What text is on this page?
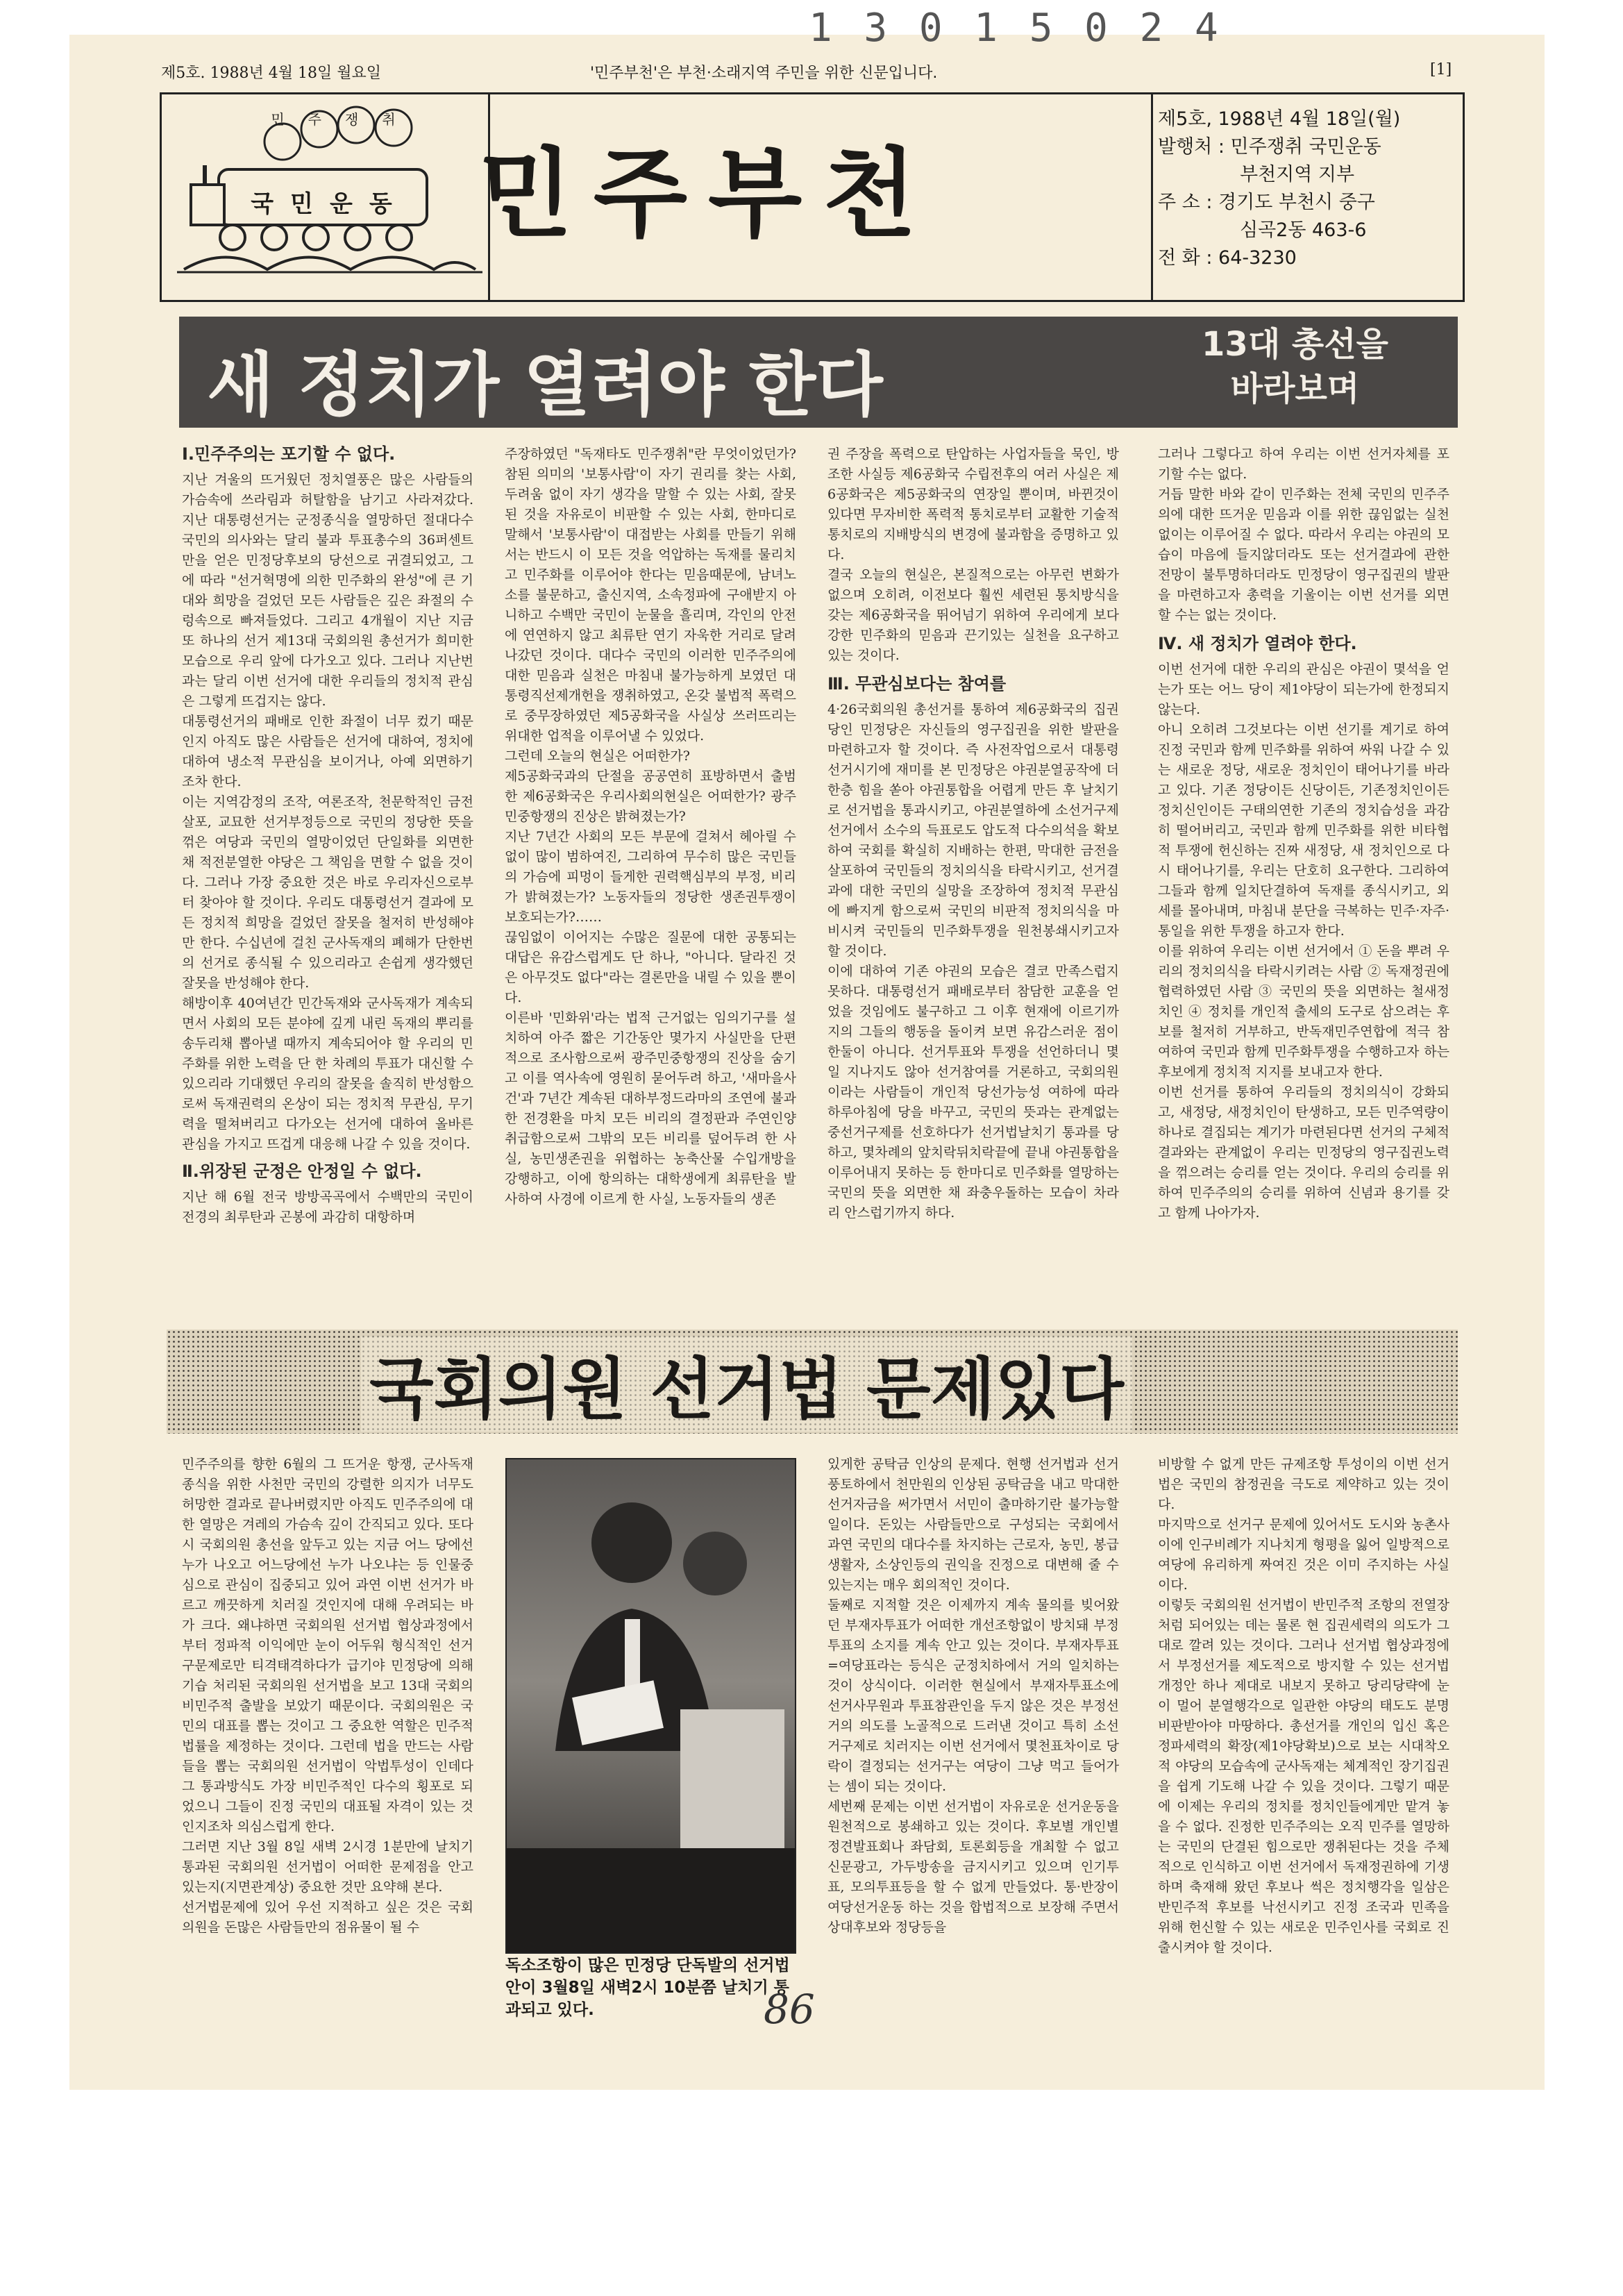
1 3 0 1 5 0 2 4
제5호. 1988년 4월 18일 월요일	'민주부천'은 부천·소래지역 주민을 위한 신문입니다.	[1]
국민운동
민주쟁취
민주부천
제5호, 1988년 4월 18일(월)
발행처 : 민주쟁취 국민운동
부천지역 지부
주 소 : 경기도 부천시 중구
심곡2동 463-6
전 화 : 64-3230
새 정치가 열려야 한다	13대 총선을
바라보며
Ⅰ.민주주의는 포기할 수 없다.

지난 겨울의 뜨거웠던 정치열풍은 많은 사람들의 가슴속에 쓰라림과 허탈함을 남기고 사라져갔다. 지난 대통령선거는 군정종식을 열망하던 절대다수 국민의 의사와는 달리 불과 투표총수의 36퍼센트만을 얻은 민정당후보의 당선으로 귀결되었고, 그에 따라 "선거혁명에 의한 민주화의 완성"에 큰 기대와 희망을 걸었던 모든 사람들은 깊은 좌절의 수렁속으로 빠져들었다. 그리고 4개월이 지난 지금 또 하나의 선거 제13대 국회의원 총선거가 희미한 모습으로 우리 앞에 다가오고 있다. 그러나 지난번과는 달리 이번 선거에 대한 우리들의 정치적 관심은 그렇게 뜨겁지는 않다.

대통령선거의 패배로 인한 좌절이 너무 컸기 때문인지 아직도 많은 사람들은 선거에 대하여, 정치에 대하여 냉소적 무관심을 보이거나, 아예 외면하기조차 한다.

이는 지역감정의 조작, 여론조작, 천문학적인 금전살포, 교묘한 선거부정등으로 국민의 정당한 뜻을 꺾은 여당과 국민의 열망이었던 단일화를 외면한 채 적전분열한 야당은 그 책임을 면할 수 없을 것이다. 그러나 가장 중요한 것은 바로 우리자신으로부터 찾아야 할 것이다. 우리도 대통령선거 결과에 모든 정치적 희망을 걸었던 잘못을 철저히 반성해야만 한다. 수십년에 걸친 군사독재의 폐해가 단한번의 선거로 종식될 수 있으리라고 손쉽게 생각했던 잘못을 반성해야 한다.

해방이후 40여년간 민간독재와 군사독재가 계속되면서 사회의 모든 분야에 깊게 내린 독재의 뿌리를 송두리채 뽑아낼 때까지 계속되어야 할 우리의 민주화를 위한 노력을 단 한 차례의 투표가 대신할 수 있으리라 기대했던 우리의 잘못을 솔직히 반성함으로써 독재권력의 온상이 되는 정치적 무관심, 무기력을 떨쳐버리고 다가오는 선거에 대하여 올바른 관심을 가지고 뜨겁게 대응해 나갈 수 있을 것이다.

Ⅱ.위장된 군정은 안정일 수 없다.

지난 해 6월 전국 방방곡곡에서 수백만의 국민이 전경의 최루탄과 곤봉에 과감히 대항하며

주장하였던 "독재타도 민주쟁취"란 무엇이었던가? 참된 의미의 '보통사람'이 자기 권리를 찾는 사회, 두려움 없이 자기 생각을 말할 수 있는 사회, 잘못된 것을 자유로이 비판할 수 있는 사회, 한마디로 말해서 '보통사람'이 대접받는 사회를 만들기 위해서는 반드시 이 모든 것을 억압하는 독재를 물리치고 민주화를 이루어야 한다는 믿음때문에, 남녀노소를 불문하고, 출신지역, 소속정파에 구애받지 아니하고 수백만 국민이 눈물을 흘리며, 각인의 안전에 연연하지 않고 최류탄 연기 자욱한 거리로 달려 나갔던 것이다. 대다수 국민의 이러한 민주주의에 대한 믿음과 실천은 마침내 불가능하게 보였던 대통령직선제개헌을 쟁취하였고, 온갖 불법적 폭력으로 중무장하였던 제5공화국을 사실상 쓰러뜨리는 위대한 업적을 이루어낼 수 있었다.

그런데 오늘의 현실은 어떠한가?

제5공화국과의 단절을 공공연히 표방하면서 출범한 제6공화국은 우리사회의현실은 어떠한가? 광주민중항쟁의 진상은 밝혀졌는가?

지난 7년간 사회의 모든 부문에 걸쳐서 헤아릴 수 없이 많이 범하여진, 그리하여 무수히 많은 국민들의 가슴에 피멍이 들게한 권력핵심부의 부정, 비리가 밝혀졌는가? 노동자들의 정당한 생존권투쟁이 보호되는가?……

끊임없이 이어지는 수많은 질문에 대한 공통되는 대답은 유감스럽게도 단 하나, "아니다. 달라진 것은 아무것도 없다"라는 결론만을 내릴 수 있을 뿐이다.

이른바 '민화위'라는 법적 근거없는 임의기구를 설치하여 아주 짧은 기간동안 몇가지 사실만을 단편적으로 조사함으로써 광주민중항쟁의 진상을 숨기고 이를 역사속에 영원히 묻어두려 하고, '새마을사건'과 7년간 계속된 대하부정드라마의 조연에 불과한 전경환을 마치 모든 비리의 결정판과 주연인양 취급함으로써 그밖의 모든 비리를 덮어두려 한 사실, 농민생존권을 위협하는 농축산물 수입개방을 강행하고, 이에 항의하는 대학생에게 최류탄을 발사하여 사경에 이르게 한 사실, 노동자들의 생존

권 주장을 폭력으로 탄압하는 사업자들을 묵인, 방조한 사실등 제6공화국 수립전후의 여러 사실은 제6공화국은 제5공화국의 연장일 뿐이며, 바뀐것이 있다면 무자비한 폭력적 통치로부터 교활한 기술적 통치로의 지배방식의 변경에 불과함을 증명하고 있다.

결국 오늘의 현실은, 본질적으로는 아무런 변화가 없으며 오히려, 이전보다 훨씬 세련된 통치방식을 갖는 제6공화국을 뛰어넘기 위하여 우리에게 보다 강한 민주화의 믿음과 끈기있는 실천을 요구하고 있는 것이다.

Ⅲ. 무관심보다는 참여를

4·26국회의원 총선거를 통하여 제6공화국의 집권당인 민정당은 자신들의 영구집권을 위한 발판을 마련하고자 할 것이다. 즉 사전작업으로서 대통령선거시기에 재미를 본 민정당은 야권분열공작에 더한층 힘을 쏟아 야권통합을 어렵게 만든 후 날치기로 선거법을 통과시키고, 야권분열하에 소선거구제 선거에서 소수의 득표로도 압도적 다수의석을 확보하여 국회를 확실히 지배하는 한편, 막대한 금전을 살포하여 국민들의 정치의식을 타락시키고, 선거결과에 대한 국민의 실망을 조장하여 정치적 무관심에 빠지게 함으로써 국민의 비판적 정치의식을 마비시켜 국민들의 민주화투쟁을 원천봉쇄시키고자 할 것이다.

이에 대하여 기존 야권의 모습은 결코 만족스럽지 못하다. 대통령선거 패배로부터 참담한 교훈을 얻었을 것임에도 불구하고 그 이후 현재에 이르기까지의 그들의 행동을 돌이켜 보면 유감스러운 점이 한둘이 아니다. 선거투표와 투쟁을 선언하더니 몇일 지나지도 않아 선거참여를 거론하고, 국회의원이라는 사람들이 개인적 당선가능성 여하에 따라 하루아침에 당을 바꾸고, 국민의 뜻과는 관계없는 중선거구제를 선호하다가 선거법날치기 통과를 당하고, 몇차례의 앞치락뒤치락끝에 끝내 야권통합을 이루어내지 못하는 등 한마디로 민주화를 열망하는 국민의 뜻을 외면한 채 좌충우돌하는 모습이 차라리 안스럽기까지 하다.

그러나 그렇다고 하여 우리는 이번 선거자체를 포기할 수는 없다.

거듭 말한 바와 같이 민주화는 전체 국민의 민주주의에 대한 뜨거운 믿음과 이를 위한 끊임없는 실천없이는 이루어질 수 없다. 따라서 우리는 야권의 모습이 마음에 들지않더라도 또는 선거결과에 관한 전망이 불투명하더라도 민정당이 영구집권의 발판을 마련하고자 총력을 기울이는 이번 선거를 외면할 수는 없는 것이다.

Ⅳ. 새 정치가 열려야 한다.

이번 선거에 대한 우리의 관심은 야권이 몇석을 얻는가 또는 어느 당이 제1야당이 되는가에 한정되지 않는다.

아니 오히려 그것보다는 이번 선기를 계기로 하여 진정 국민과 함께 민주화를 위하여 싸워 나갈 수 있는 새로운 정당, 새로운 정치인이 태어나기를 바라고 있다. 기존 정당이든 신당이든, 기존정치인이든 정치신인이든 구태의연한 기존의 정치습성을 과감히 떨어버리고, 국민과 함께 민주화를 위한 비타협적 투쟁에 헌신하는 진짜 새정당, 새 정치인으로 다시 태어나기를, 우리는 단호히 요구한다. 그리하여 그들과 함께 일치단결하여 독재를 종식시키고, 외세를 몰아내며, 마침내 분단을 극복하는 민주·자주·통일을 위한 투쟁을 하고자 한다.

이를 위하여 우리는 이번 선거에서 ① 돈을 뿌려 우리의 정치의식을 타락시키려는 사람 ② 독재정권에 협력하였던 사람 ③ 국민의 뜻을 외면하는 철새정치인 ④ 정치를 개인적 출세의 도구로 삼으려는 후보를 철저히 거부하고, 반독재민주연합에 적극 참여하여 국민과 함께 민주화투쟁을 수행하고자 하는 후보에게 정치적 지지를 보내고자 한다.

이번 선거를 통하여 우리들의 정치의식이 강화되고, 새정당, 새정치인이 탄생하고, 모든 민주역량이 하나로 결집되는 계기가 마련된다면 선거의 구체적 결과와는 관계없이 우리는 민정당의 영구집권노력을 꺾으려는 승리를 얻는 것이다. 우리의 승리를 위하여 민주주의의 승리를 위하여 신념과 용기를 갖고 함께 나아가자.

국회의원 선거법 문제있다

민주주의를 향한 6월의 그 뜨거운 항쟁, 군사독재 종식을 위한 사천만 국민의 강렬한 의지가 너무도 허망한 결과로 끝나버렸지만 아직도 민주주의에 대한 열망은 겨레의 가슴속 깊이 간직되고 있다. 또다시 국회의원 총선을 앞두고 있는 지금 어느 당에선 누가 나오고 어느당에선 누가 나오냐는 등 인물중심으로 관심이 집중되고 있어 과연 이번 선거가 바르고 깨끗하게 치러질 것인지에 대해 우려되는 바가 크다. 왜냐하면 국회의원 선거법 협상과정에서 부터 정파적 이익에만 눈이 어두워 형식적인 선거구문제로만 티격태격하다가 급기야 민정당에 의해 기습 처리된 국회의원 선거법을 보고 13대 국회의 비민주적 출발을 보았기 때문이다. 국회의원은 국민의 대표를 뽑는 것이고 그 중요한 역할은 민주적 법률을 제정하는 것이다. 그런데 법을 만드는 사람들을 뽑는 국회의원 선거법이 악법투성이 인데다 그 통과방식도 가장 비민주적인 다수의 횡포로 되었으니 그들이 진정 국민의 대표될 자격이 있는 것인지조차 의심스럽게 한다.

그러면 지난 3월 8일 새벽 2시경 1분만에 날치기 통과된 국회의원 선거법이 어떠한 문제점을 안고 있는지(지면관계상) 중요한 것만 요약해 본다.

선거법문제에 있어 우선 지적하고 싶은 것은 국회의원을 돈많은 사람들만의 점유물이 될 수

독소조항이 많은 민정당 단독발의 선거법안이 3월8일 새벽2시 10분쯤 날치기 통과되고 있다.

있게한 공탁금 인상의 문제다. 현행 선거법과 선거풍토하에서 천만원의 인상된 공탁금을 내고 막대한 선거자금을 써가면서 서민이 출마하기란 불가능할 일이다. 돈있는 사람들만으로 구성되는 국회에서 과연 국민의 대다수를 차지하는 근로자, 농민, 봉급생활자, 소상인등의 권익을 진정으로 대변해 줄 수 있는지는 매우 회의적인 것이다.

둘째로 지적할 것은 이제까지 계속 물의를 빚어왔던 부재자투표가 어떠한 개선조항없이 방치돼 부정투표의 소지를 계속 안고 있는 것이다. 부재자투표=여당표라는 등식은 군정치하에서 거의 일치하는 것이 상식이다. 이러한 현실에서 부재자투표소에 선거사무원과 투표참관인을 두지 않은 것은 부정선거의 의도를 노골적으로 드러낸 것이고 특히 소선거구제로 치러지는 이번 선거에서 몇천표차이로 당락이 결정되는 선거구는 여당이 그냥 먹고 들어가는 셈이 되는 것이다.

세번째 문제는 이번 선거법이 자유로운 선거운동을 원천적으로 봉쇄하고 있는 것이다. 후보별 개인별 정견발표회나 좌담회, 토론회등을 개최할 수 없고 신문광고, 가두방송을 금지시키고 있으며 인기투표, 모의투표등을 할 수 없게 만들었다. 통·반장이 여당선거운동 하는 것을 합법적으로 보장해 주면서 상대후보와 정당등을

비방할 수 없게 만든 규제조항 투성이의 이번 선거법은 국민의 참정권을 극도로 제약하고 있는 것이다.

마지막으로 선거구 문제에 있어서도 도시와 농촌사이에 인구비례가 지나치게 형평을 잃어 일방적으로 여당에 유리하게 짜여진 것은 이미 주지하는 사실이다.

이렇듯 국회의원 선거법이 반민주적 조항의 전열장처럼 되어있는 데는 물론 현 집권세력의 의도가 그대로 깔려 있는 것이다. 그러나 선거법 협상과정에서 부정선거를 제도적으로 방지할 수 있는 선거법개정안 하나 제대로 내보지 못하고 당리당략에 눈이 멀어 분열행각으로 일관한 야당의 태도도 분명 비판받아야 마땅하다. 총선거를 개인의 입신 혹은 정파세력의 확장(제1야당확보)으로 보는 시대착오적 야당의 모습속에 군사독재는 체계적인 장기집권을 쉽게 기도해 나갈 수 있을 것이다. 그렇기 때문에 이제는 우리의 정치를 정치인들에게만 맡겨 놓을 수 없다. 진정한 민주주의는 오직 민주를 열망하는 국민의 단결된 힘으로만 쟁취된다는 것을 주체적으로 인식하고 이번 선거에서 독재정권하에 기생하며 축재해 왔던 후보나 썩은 정치행각을 일삼은 반민주적 후보를 낙선시키고 진정 조국과 민족을 위해 헌신할 수 있는 새로운 민주인사를 국회로 진출시켜야 할 것이다.

86
